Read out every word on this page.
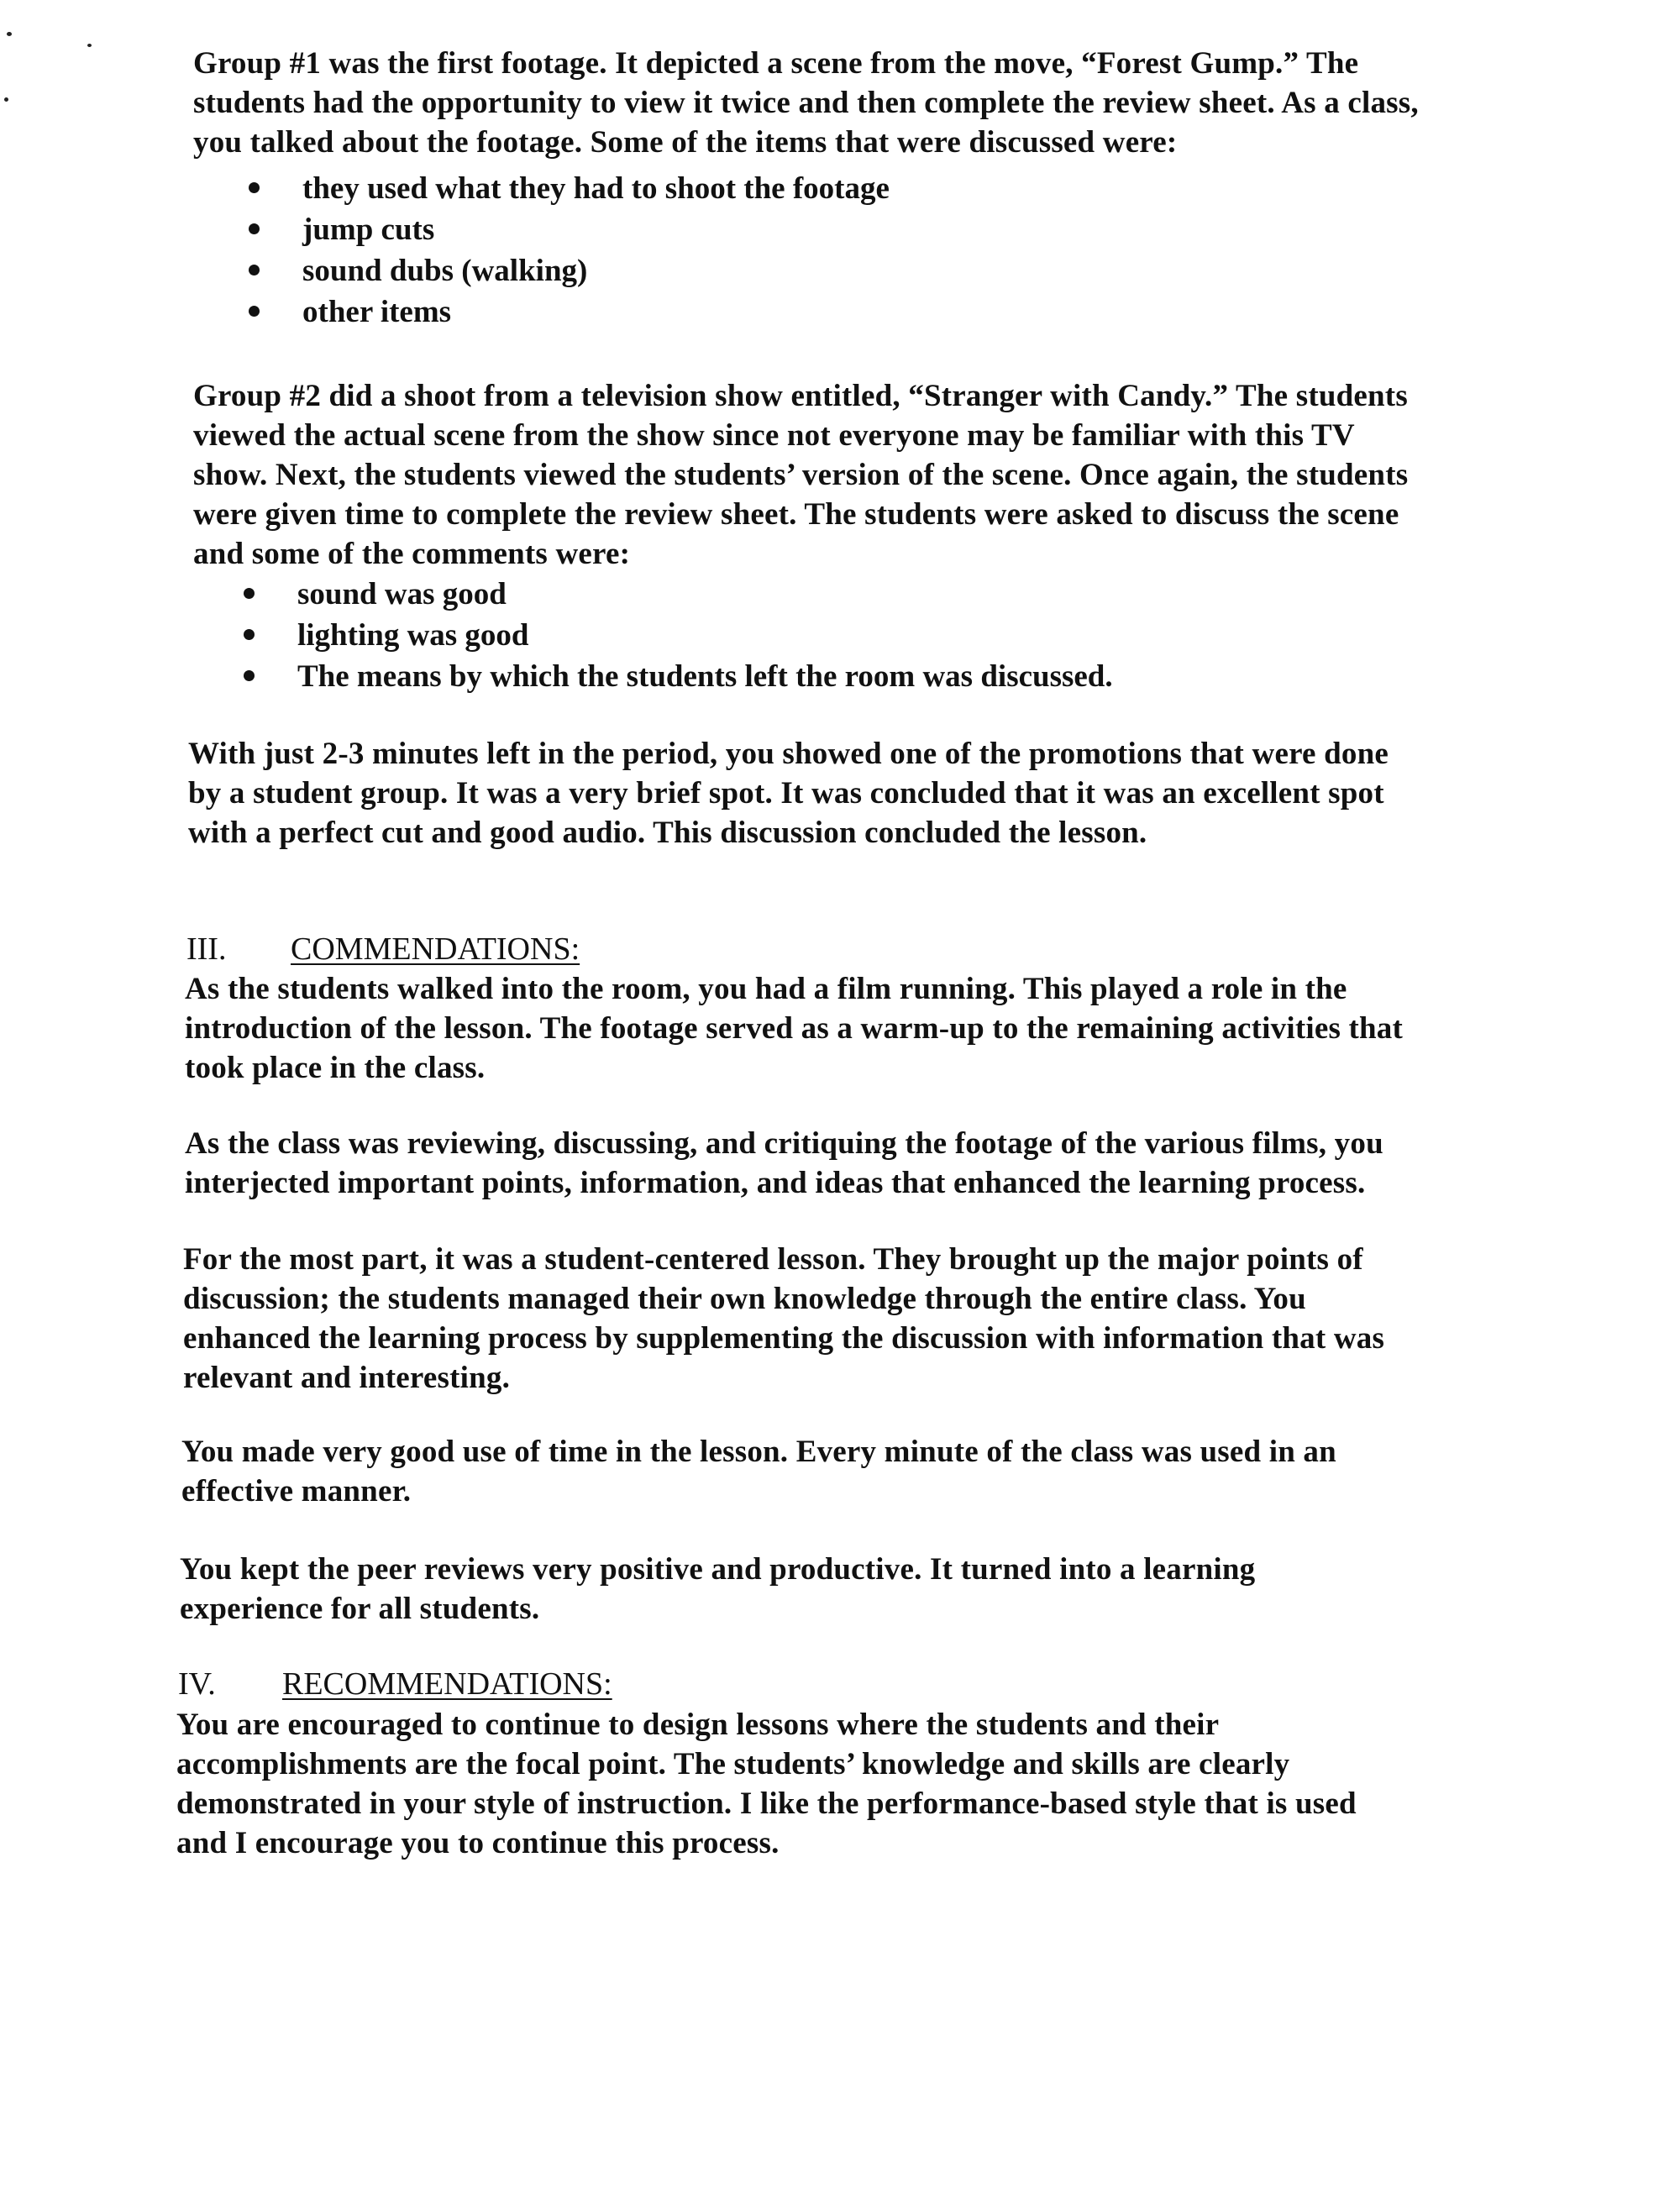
Group #1 was the first footage. It depicted a scene from the move, “Forest Gump.” The
students had the opportunity to view it twice and then complete the review sheet. As a class,
you talked about the footage. Some of the items that were discussed were:
they used what they had to shoot the footage
jump cuts
sound dubs (walking)
other items
Group #2 did a shoot from a television show entitled, “Stranger with Candy.” The students
viewed the actual scene from the show since not everyone may be familiar with this TV
show. Next, the students viewed the students’ version of the scene. Once again, the students
were given time to complete the review sheet. The students were asked to discuss the scene
and some of the comments were:
sound was good
lighting was good
The means by which the students left the room was discussed.
With just 2-3 minutes left in the period, you showed one of the promotions that were done
by a student group. It was a very brief spot. It was concluded that it was an excellent spot
with a perfect cut and good audio. This discussion concluded the lesson.
III. COMMENDATIONS:
As the students walked into the room, you had a film running. This played a role in the
introduction of the lesson. The footage served as a warm-up to the remaining activities that
took place in the class.
As the class was reviewing, discussing, and critiquing the footage of the various films, you
interjected important points, information, and ideas that enhanced the learning process.
For the most part, it was a student-centered lesson. They brought up the major points of
discussion; the students managed their own knowledge through the entire class. You
enhanced the learning process by supplementing the discussion with information that was
relevant and interesting.
You made very good use of time in the lesson. Every minute of the class was used in an
effective manner.
You kept the peer reviews very positive and productive. It turned into a learning
experience for all students.
IV. RECOMMENDATIONS:
You are encouraged to continue to design lessons where the students and their
accomplishments are the focal point. The students’ knowledge and skills are clearly
demonstrated in your style of instruction. I like the performance-based style that is used
and I encourage you to continue this process.
